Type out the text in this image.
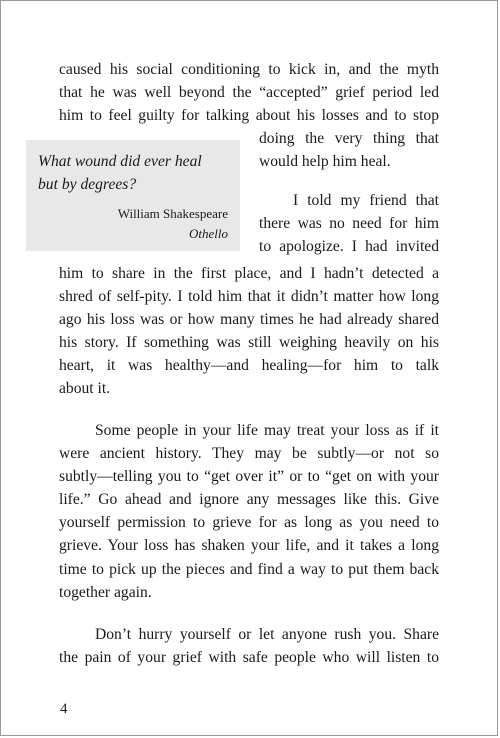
caused his social conditioning to kick in, and the myth
that he was well beyond the “accepted” grief period led
him to feel guilty for talking about his losses and to stop
doing the very thing that
would help him heal.
What wound did ever heal
but by degrees?
William Shakespeare
Othello
I told my friend that
there was no need for him
to apologize. I had invited
him to share in the first place, and I hadn’t detected a
shred of self-pity. I told him that it didn’t matter how long
ago his loss was or how many times he had already shared
his story. If something was still weighing heavily on his
heart, it was healthy—and healing—for him to talk
about it.
Some people in your life may treat your loss as if it
were ancient history. They may be subtly—or not so
subtly—telling you to “get over it” or to “get on with your
life.” Go ahead and ignore any messages like this. Give
yourself permission to grieve for as long as you need to
grieve. Your loss has shaken your life, and it takes a long
time to pick up the pieces and find a way to put them back
together again.
Don’t hurry yourself or let anyone rush you. Share
the pain of your grief with safe people who will listen to
4
